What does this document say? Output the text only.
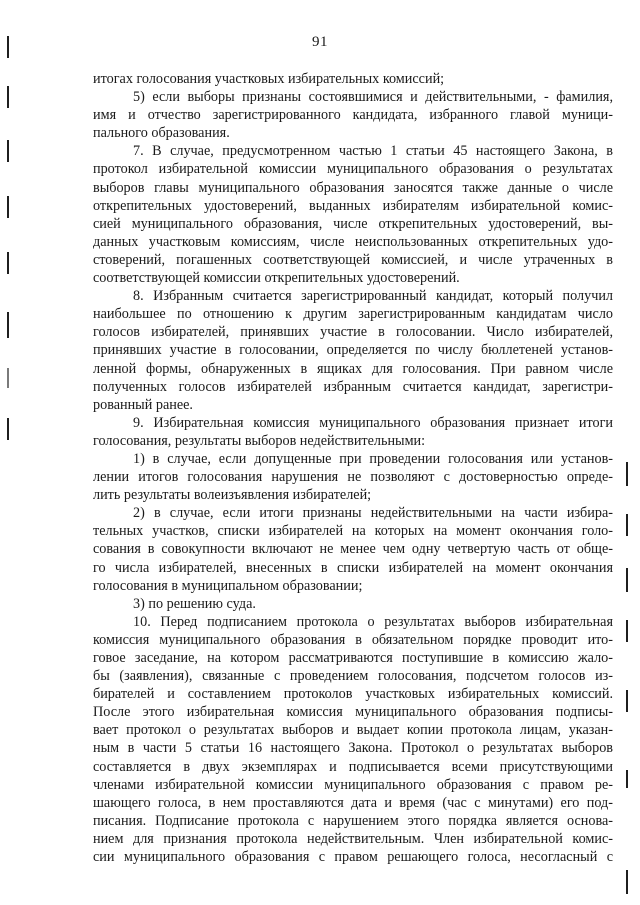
91
итогах голосования участковых избирательных комиссий;
5) если выборы признаны состоявшимися и действительными, - фамилия,
имя и отчество зарегистрированного кандидата, избранного главой муници-
пального образования.
7. В случае, предусмотренном частью 1 статьи 45 настоящего Закона, в
протокол избирательной комиссии муниципального образования о результатах
выборов главы муниципального образования заносятся также данные о числе
открепительных удостоверений, выданных избирателям избирательной комис-
сией муниципального образования, числе открепительных удостоверений, вы-
данных участковым комиссиям, числе неиспользованных открепительных удо-
стоверений, погашенных соответствующей комиссией, и числе утраченных в
соответствующей комиссии открепительных удостоверений.
8. Избранным считается зарегистрированный кандидат, который получил
наибольшее по отношению к другим зарегистрированным кандидатам число
голосов избирателей, принявших участие в голосовании. Число избирателей,
принявших участие в голосовании, определяется по числу бюллетеней установ-
ленной формы, обнаруженных в ящиках для голосования. При равном числе
полученных голосов избирателей избранным считается кандидат, зарегистри-
рованный ранее.
9. Избирательная комиссия муниципального образования признает итоги
голосования, результаты выборов недействительными:
1) в случае, если допущенные при проведении голосования или установ-
лении итогов голосования нарушения не позволяют с достоверностью опреде-
лить результаты волеизъявления избирателей;
2) в случае, если итоги признаны недействительными на части избира-
тельных участков, списки избирателей на которых на момент окончания голо-
сования в совокупности включают не менее чем одну четвертую часть от обще-
го числа избирателей, внесенных в списки избирателей на момент окончания
голосования в муниципальном образовании;
3) по решению суда.
10. Перед подписанием протокола о результатах выборов избирательная
комиссия муниципального образования в обязательном порядке проводит ито-
говое заседание, на котором рассматриваются поступившие в комиссию жало-
бы (заявления), связанные с проведением голосования, подсчетом голосов из-
бирателей и составлением протоколов участковых избирательных комиссий.
После этого избирательная комиссия муниципального образования подписы-
вает протокол о результатах выборов и выдает копии протокола лицам, указан-
ным в части 5 статьи 16 настоящего Закона. Протокол о результатах выборов
составляется в двух экземплярах и подписывается всеми присутствующими
членами избирательной комиссии муниципального образования с правом ре-
шающего голоса, в нем проставляются дата и время (час с минутами) его под-
писания. Подписание протокола с нарушением этого порядка является основа-
нием для признания протокола недействительным. Член избирательной комис-
сии муниципального образования с правом решающего голоса, несогласный с
